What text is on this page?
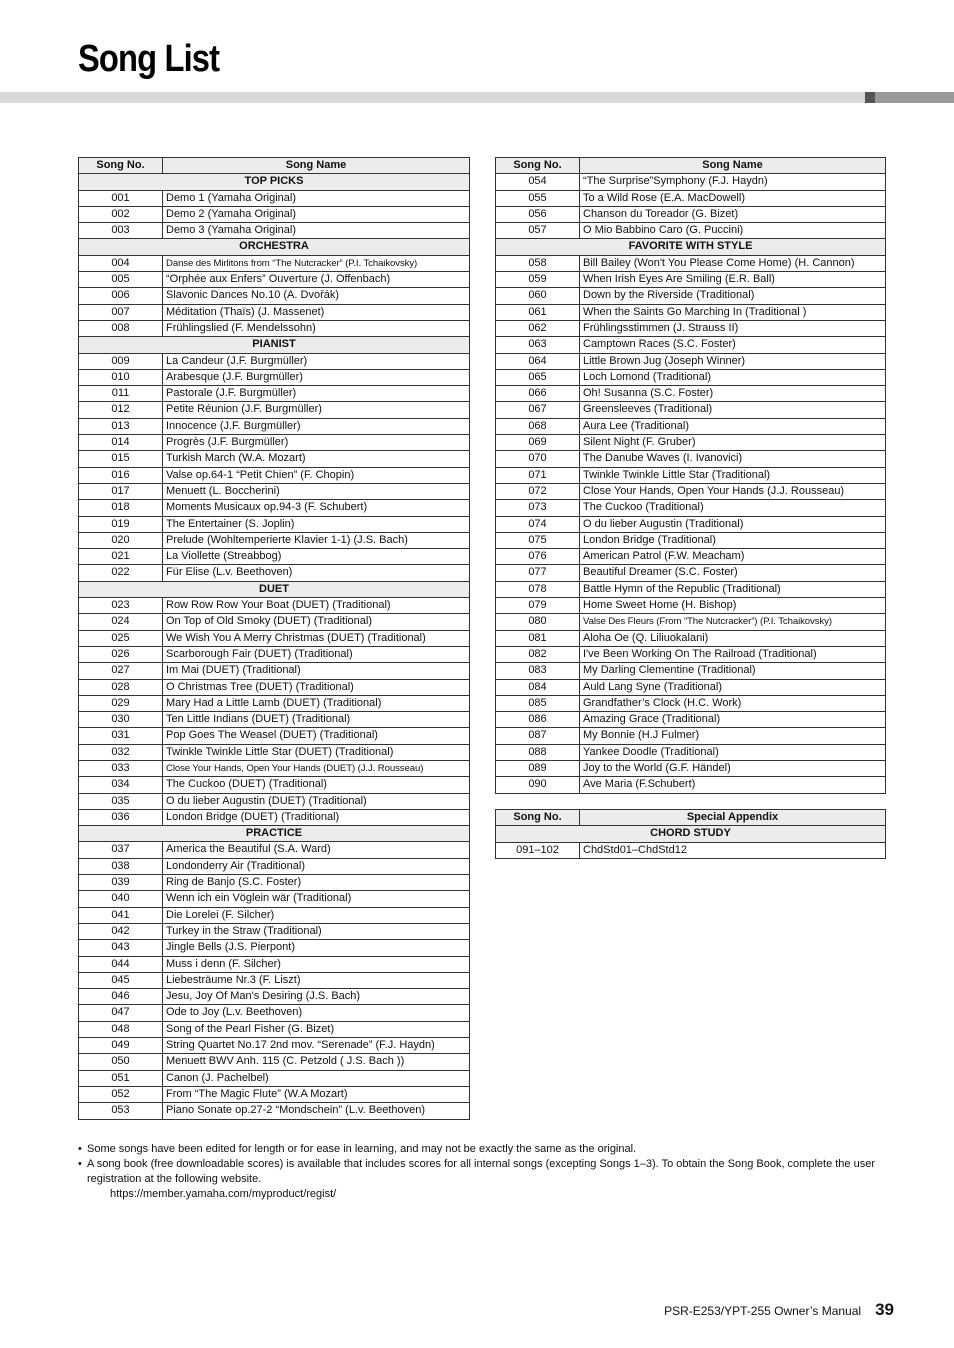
Song List
Song No.	Song Name
TOP PICKS	
001	Demo 1 (Yamaha Original)
002	Demo 2 (Yamaha Original)
003	Demo 3 (Yamaha Original)
ORCHESTRA	
004	Danse des Mirlitons from “The Nutcracker” (P.I. Tchaikovsky)
005	“Orphée aux Enfers” Ouverture (J. Offenbach)
006	Slavonic Dances No.10 (A. Dvořák)
007	Méditation (Thaïs) (J. Massenet)
008	Frühlingslied (F. Mendelssohn)
PIANIST	
009	La Candeur (J.F. Burgmüller)
010	Arabesque (J.F. Burgmüller)
011	Pastorale (J.F. Burgmüller)
012	Petite Réunion (J.F. Burgmüller)
013	Innocence (J.F. Burgmüller)
014	Progrès (J.F. Burgmüller)
015	Turkish March (W.A. Mozart)
016	Valse op.64-1 “Petit Chien” (F. Chopin)
017	Menuett (L. Boccherini)
018	Moments Musicaux op.94-3 (F. Schubert)
019	The Entertainer (S. Joplin)
020	Prelude (Wohltemperierte Klavier 1-1) (J.S. Bach)
021	La Viollette (Streabbog)
022	Für Elise (L.v. Beethoven)
DUET	
023	Row Row Row Your Boat (DUET) (Traditional)
024	On Top of Old Smoky (DUET) (Traditional)
025	We Wish You A Merry Christmas (DUET) (Traditional)
026	Scarborough Fair (DUET) (Traditional)
027	Im Mai (DUET) (Traditional)
028	O Christmas Tree (DUET) (Traditional)
029	Mary Had a Little Lamb (DUET) (Traditional)
030	Ten Little Indians (DUET) (Traditional)
031	Pop Goes The Weasel (DUET) (Traditional)
032	Twinkle Twinkle Little Star (DUET) (Traditional)
033	Close Your Hands, Open Your Hands (DUET) (J.J. Rousseau)
034	The Cuckoo (DUET) (Traditional)
035	O du lieber Augustin (DUET) (Traditional)
036	London Bridge (DUET) (Traditional)
PRACTICE	
037	America the Beautiful (S.A. Ward)
038	Londonderry Air (Traditional)
039	Ring de Banjo (S.C. Foster)
040	Wenn ich ein Vöglein wär (Traditional)
041	Die Lorelei (F. Silcher)
042	Turkey in the Straw (Traditional)
043	Jingle Bells (J.S. Pierpont)
044	Muss i denn (F. Silcher)
045	Liebesträume Nr.3 (F. Liszt)
046	Jesu, Joy Of Man's Desiring (J.S. Bach)
047	Ode to Joy (L.v. Beethoven)
048	Song of the Pearl Fisher (G. Bizet)
049	String Quartet No.17 2nd mov. “Serenade” (F.J. Haydn)
050	Menuett BWV Anh. 115 (C. Petzold ( J.S. Bach ))
051	Canon (J. Pachelbel)
052	From “The Magic Flute” (W.A Mozart)
053	Piano Sonate op.27-2 “Mondschein” (L.v. Beethoven)
Song No.	Song Name
054	“The Surprise”Symphony (F.J. Haydn)
055	To a Wild Rose (E.A. MacDowell)
056	Chanson du Toreador (G. Bizet)
057	O Mio Babbino Caro (G. Puccini)
FAVORITE WITH STYLE	
058	Bill Bailey (Won't You Please Come Home) (H. Cannon)
059	When Irish Eyes Are Smiling (E.R. Ball)
060	Down by the Riverside (Traditional)
061	When the Saints Go Marching In (Traditional )
062	Frühlingsstimmen (J. Strauss II)
063	Camptown Races (S.C. Foster)
064	Little Brown Jug (Joseph Winner)
065	Loch Lomond (Traditional)
066	Oh! Susanna (S.C. Foster)
067	Greensleeves (Traditional)
068	Aura Lee (Traditional)
069	Silent Night (F. Gruber)
070	The Danube Waves (I. Ivanovici)
071	Twinkle Twinkle Little Star (Traditional)
072	Close Your Hands, Open Your Hands (J.J. Rousseau)
073	The Cuckoo (Traditional)
074	O du lieber Augustin (Traditional)
075	London Bridge (Traditional)
076	American Patrol (F.W. Meacham)
077	Beautiful Dreamer (S.C. Foster)
078	Battle Hymn of the Republic (Traditional)
079	Home Sweet Home (H. Bishop)
080	Valse Des Fleurs (From “The Nutcracker”) (P.I. Tchaikovsky)
081	Aloha Oe (Q. Liliuokalani)
082	I've Been Working On The Railroad (Traditional)
083	My Darling Clementine (Traditional)
084	Auld Lang Syne (Traditional)
085	Grandfather’s Clock (H.C. Work)
086	Amazing Grace (Traditional)
087	My Bonnie (H.J Fulmer)
088	Yankee Doodle (Traditional)
089	Joy to the World (G.F. Händel)
090	Ave Maria (F.Schubert)
Song No.	Special Appendix
CHORD STUDY	
091–102	ChdStd01–ChdStd12
• Some songs have been edited for length or for ease in learning, and may not be exactly the same as the original.
• A song book (free downloadable scores) is available that includes scores for all internal songs (excepting Songs 1–3). To obtain the Song Book, complete the user registration at the following website.
https://member.yamaha.com/myproduct/regist/
PSR-E253/YPT-255 Owner’s Manual 39
